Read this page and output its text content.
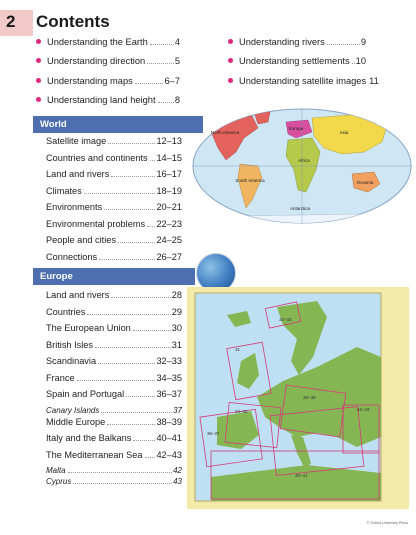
2 Contents
Understanding the Earth	4
Understanding direction	5
Understanding maps	6–7
Understanding land height 8
Understanding rivers	9
Understanding settlements 10
Understanding satellite images 11
World
Satellite image	12–13
Countries and continents 14–15
Land and rivers	16–17
Climates	18–19
Environments	20–21
Environmental problems 22–23
People and cities	24–25
Connections	26–27
North America
South America
Europe
Africa
Asia
Oceania
Antarctica
Europe
Land and rivers	28
Countries	29
The European Union	30
British Isles	31
Scandinavia	32–33
France	34–35
Spain and Portugal	36–37
Canary Islands	37
Middle Europe	38–39
Italy and the Balkans	40–41
The Mediterranean Sea 42–43
Malta	42
Cyprus	43
32–33
31
38–39
42–43
34–35
36–37
40–41
© Oxford University Press
